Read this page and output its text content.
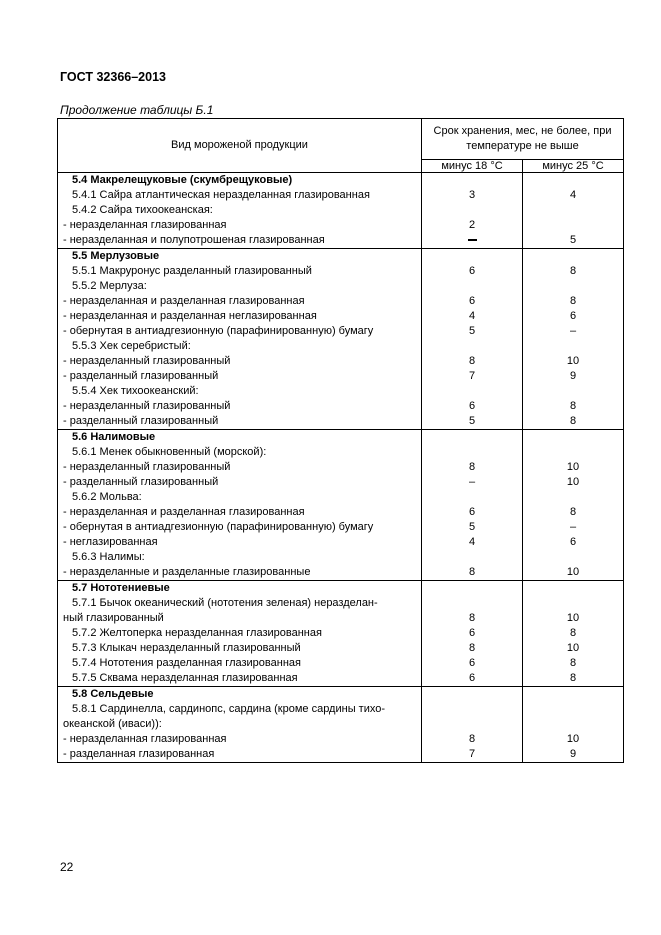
ГОСТ 32366–2013
Продолжение таблицы Б.1
Вид мороженой продукции	Срок хранения, мес, не более, при температуре не выше	
	минус 18 °С	минус 25 °С
5.4 Макрелещуковые (скумбрещуковые)		
5.4.1 Сайра атлантическая неразделанная глазированная	3	4
5.4.2 Сайра тихоокеанская:		
- неразделанная глазированная	2	
- неразделанная и полупотрошеная глазированная		5
5.5 Мерлузовые		
5.5.1 Макруронус разделанный глазированный	6	8
5.5.2 Мерлуза:		
- неразделанная и разделанная глазированная	6	8
- неразделанная и разделанная неглазированная	4	6
- обернутая в антиадгезионную (парафинированную) бумагу	5	–
5.5.3 Хек серебристый:		
- неразделанный глазированный	8	10
- разделанный глазированный	7	9
5.5.4 Хек тихоокеанский:		
- неразделанный глазированный	6	8
- разделанный глазированный	5	8
5.6 Налимовые		
5.6.1 Менек обыкновенный (морской):		
- неразделанный глазированный	8	10
- разделанный глазированный	–	10
5.6.2 Мольва:		
- неразделанная и разделанная глазированная	6	8
- обернутая в антиадгезионную (парафинированную) бумагу	5	–
- неглазированная	4	6
5.6.3 Налимы:		
- неразделанные и разделанные глазированные	8	10
5.7 Нототениевые		
5.7.1 Бычок океанический (нототения зеленая) неразделан-		
ный глазированный	8	10
5.7.2 Желтоперка неразделанная глазированная	6	8
5.7.3 Клыкач неразделанный глазированный	8	10
5.7.4 Нототения разделанная глазированная	6	8
5.7.5 Сквама неразделанная глазированная	6	8
5.8 Сельдевые		
5.8.1 Сардинелла, сардинопс, сардина (кроме сардины тихо-		
океанской (иваси)):		
- неразделанная глазированная	8	10
- разделанная глазированная	7	9
22
